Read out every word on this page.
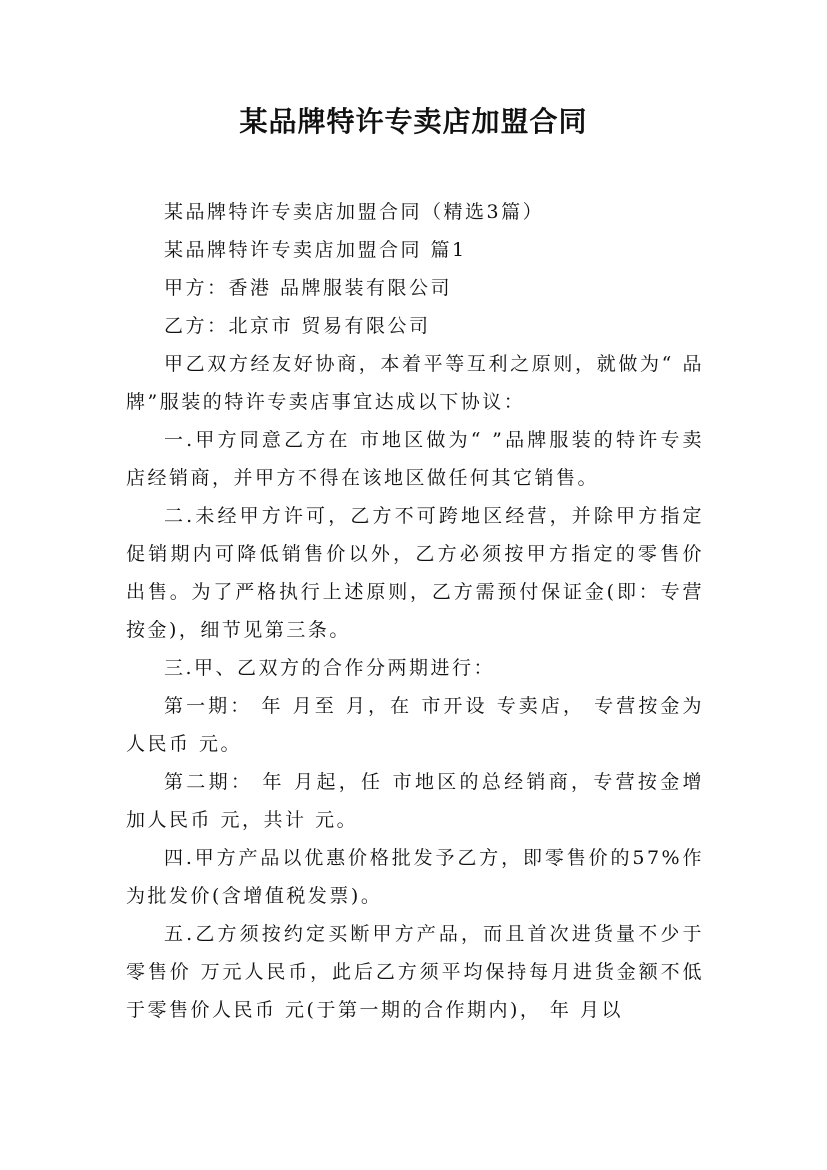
某品牌特许专卖店加盟合同

某品牌特许专卖店加盟合同（精选3篇）

某品牌特许专卖店加盟合同 篇1

甲方：香港 品牌服装有限公司

乙方：北京市 贸易有限公司

甲乙双方经友好协商，本着平等互利之原则，就做为“ 品牌”服装的特许专卖店事宜达成以下协议：

一.甲方同意乙方在 市地区做为“ ”品牌服装的特许专卖店经销商，并甲方不得在该地区做任何其它销售。

二.未经甲方许可，乙方不可跨地区经营，并除甲方指定促销期内可降低销售价以外，乙方必须按甲方指定的零售价出售。为了严格执行上述原则，乙方需预付保证金(即：专营按金)，细节见第三条。

三.甲、乙双方的合作分两期进行：

第一期： 年 月至 月，在 市开设 专卖店， 专营按金为人民币 元。

第二期： 年 月起，任 市地区的总经销商，专营按金增加人民币 元，共计 元。

四.甲方产品以优惠价格批发予乙方，即零售价的57%作为批发价(含增值税发票)。

五.乙方须按约定买断甲方产品，而且首次进货量不少于零售价 万元人民币，此后乙方须平均保持每月进货金额不低于零售价人民币 元(于第一期的合作期内)， 年 月以
